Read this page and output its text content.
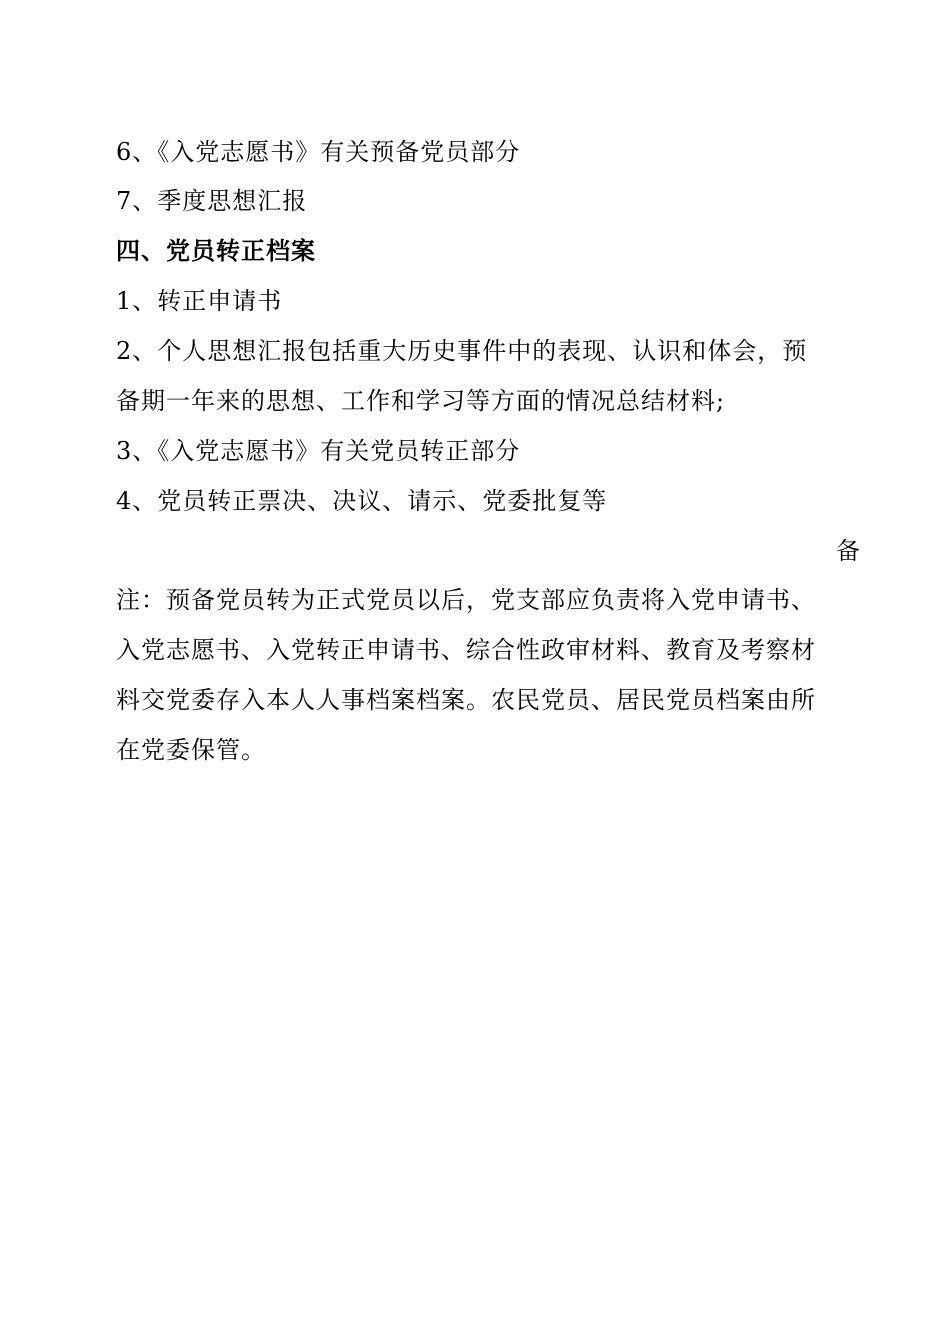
6、《入党志愿书》有关预备党员部分
7、季度思想汇报
四、党员转正档案
1、转正申请书
2、个人思想汇报包括重大历史事件中的表现、认识和体会，预
备期一年来的思想、工作和学习等方面的情况总结材料;
3、《入党志愿书》有关党员转正部分
4、党员转正票决、决议、请示、党委批复等
备
注：预备党员转为正式党员以后，党支部应负责将入党申请书、
入党志愿书、入党转正申请书、综合性政审材料、教育及考察材
料交党委存入本人人事档案档案。农民党员、居民党员档案由所
在党委保管。
